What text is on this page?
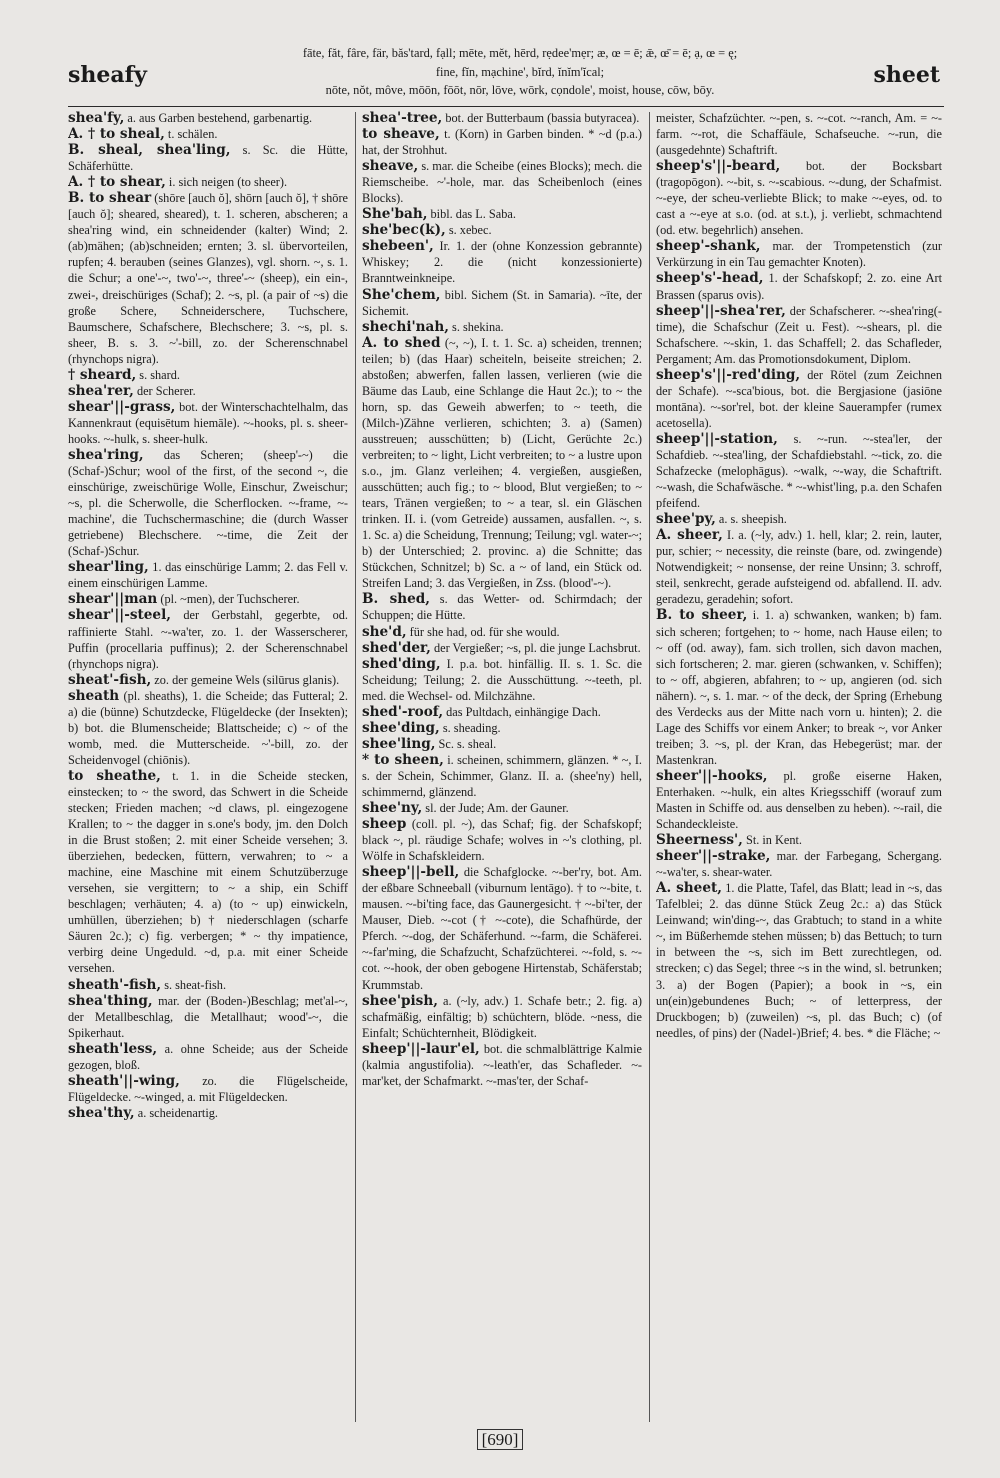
sheafy
fāte, făt, fâre, fär, băs'tard, fạll; mēte, mĕt, hērd, rẹdee'mẹr; æ, œ = ē; ǣ, œ̄ = ē; ạ, œ = ę;
fine, fĭn, mạchine', bĭrd, ĭnĭm'ĭcal;
nōte, nŏt, môve, mōōn, fōōt, nōr, lōve, wōrk, cọndole', moist, house, cōw, bōy.
sheet
shea'fy, a. aus Garben bestehend, garbenartig.
A. † to sheal, t. schälen.
B. sheal, shea'ling, s. Sc. die Hütte, Schäferhütte.
A. † to shear, i. sich neigen (to sheer).
B. to shear (shōre [auch ŏ], shōrn [auch ŏ], † shōre [auch ŏ]; sheared, sheared), t. 1. scheren, abscheren; a shea'ring wind, ein schneidender (kalter) Wind; 2. (ab)mähen; (ab)schneiden; ernten; 3. sl. übervorteilen, rupfen; 4. berauben (seines Glanzes), vgl. shorn. ~, s. 1. die Schur; a one'-~, two'-~, three'-~ (sheep), ein ein-, zwei-, dreischüriges (Schaf); 2. ~s, pl. (a pair of ~s) die große Schere, Schneiderschere, Tuchschere, Baumschere, Schafschere, Blechschere; 3. ~s, pl. s. sheer, B. s. 3. ~'-bill, zo. der Scherenschnabel (rhynchops nigra).
† sheard, s. shard.
shea'rer, der Scherer.
shear'||-grass, bot. der Winterschachtelhalm, das Kannenkraut (equisētum hiemāle). ~-hooks, pl. s. sheer-hooks. ~-hulk, s. sheer-hulk.
shea'ring, das Scheren; (sheep'-~) die (Schaf-)Schur; wool of the first, of the second ~, die einschürige, zweischürige Wolle, Einschur, Zweischur; ~s, pl. die Scherwolle, die Scherflocken. ~-frame, ~-machine', die Tuchschermaschine; die (durch Wasser getriebene) Blechschere. ~-time, die Zeit der (Schaf-)Schur.
shear'ling, 1. das einschürige Lamm; 2. das Fell v. einem einschürigen Lamme.
shear'||man (pl. ~men), der Tuchscherer.
shear'||-steel, der Gerbstahl, gegerbte, od. raffinierte Stahl. ~-wa'ter, zo. 1. der Wasserscherer, Puffin (procellaria puffinus); 2. der Scherenschnabel (rhynchops nigra).
sheat'-fish, zo. der gemeine Wels (silūrus glanis).
sheath (pl. sheaths), 1. die Scheide; das Futteral; 2. a) die (bünne) Schutzdecke, Flügeldecke (der Insekten); b) bot. die Blumenscheide; Blattscheide; c) ~ of the womb, med. die Mutterscheide. ~'-bill, zo. der Scheidenvogel (chiōnis).
to sheathe, t. 1. in die Scheide stecken, einstecken; to ~ the sword, das Schwert in die Scheide stecken; Frieden machen; ~d claws, pl. eingezogene Krallen; to ~ the dagger in s.one's body, jm. den Dolch in die Brust stoßen; 2. mit einer Scheide versehen; 3. überziehen, bedecken, füttern, verwahren; to ~ a machine, eine Maschine mit einem Schutzüberzuge versehen, sie vergittern; to ~ a ship, ein Schiff beschlagen; verhäuten; 4. a) (to ~ up) einwickeln, umhüllen, überziehen; b) † niederschlagen (scharfe Säuren 2c.); c) fig. verbergen; * ~ thy impatience, verbirg deine Ungeduld. ~d, p.a. mit einer Scheide versehen.
sheath'-fish, s. sheat-fish.
shea'thing, mar. der (Boden-)Beschlag; met'al-~, der Metallbeschlag, die Metallhaut; wood'-~, die Spikerhaut.
sheath'less, a. ohne Scheide; aus der Scheide gezogen, bloß.
sheath'||-wing, zo. die Flügelscheide, Flügeldecke. ~-winged, a. mit Flügeldecken.
shea'thy, a. scheidenartig.
shea'-tree, bot. der Butterbaum (bassia butyracea).
to sheave, t. (Korn) in Garben binden. * ~d (p.a.) hat, der Strohhut.
sheave, s. mar. die Scheibe (eines Blocks); mech. die Riemscheibe. ~'-hole, mar. das Scheibenloch (eines Blocks).
She'bah, bibl. das L. Saba.
she'bec(k), s. xebec.
shebeen', Ir. 1. der (ohne Konzession gebrannte) Whiskey; 2. die (nicht konzessionierte) Branntweinkneipe.
She'chem, bibl. Sichem (St. in Samaria). ~īte, der Sichemit.
shechi'nah, s. shekina.
A. to shed (~, ~), I. t. 1. Sc. a) scheiden, trennen; teilen; b) (das Haar) scheiteln, beiseite streichen; 2. abstoßen; abwerfen, fallen lassen, verlieren (wie die Bäume das Laub, eine Schlange die Haut 2c.); to ~ the horn, sp. das Geweih abwerfen; to ~ teeth, die (Milch-)Zähne verlieren, schichten; 3. a) (Samen) ausstreuen; ausschütten; b) (Licht, Gerüchte 2c.) verbreiten; to ~ light, Licht verbreiten; to ~ a lustre upon s.o., jm. Glanz verleihen; 4. vergießen, ausgießen, ausschütten; auch fig.; to ~ blood, Blut vergießen; to ~ tears, Tränen vergießen; to ~ a tear, sl. ein Gläschen trinken. II. i. (vom Getreide) aussamen, ausfallen. ~, s. 1. Sc. a) die Scheidung, Trennung; Teilung; vgl. water-~; b) der Unterschied; 2. provinc. a) die Schnitte; das Stückchen, Schnitzel; b) Sc. a ~ of land, ein Stück od. Streifen Land; 3. das Vergießen, in Zss. (blood'-~).
B. shed, s. das Wetter- od. Schirmdach; der Schuppen; die Hütte.
she'd, für she had, od. für she would.
shed'der, der Vergießer; ~s, pl. die junge Lachsbrut.
shed'ding, I. p.a. bot. hinfällig. II. s. 1. Sc. die Scheidung; Teilung; 2. die Ausschüttung. ~-teeth, pl. med. die Wechsel- od. Milchzähne.
shed'-roof, das Pultdach, einhängige Dach.
shee'ding, s. sheading.
shee'ling, Sc. s. sheal.
* to sheen, i. scheinen, schimmern, glänzen. * ~, I. s. der Schein, Schimmer, Glanz. II. a. (shee'ny) hell, schimmernd, glänzend.
shee'ny, sl. der Jude; Am. der Gauner.
sheep (coll. pl. ~), das Schaf; fig. der Schafskopf; black ~, pl. räudige Schafe; wolves in ~'s clothing, pl. Wölfe in Schafskleidern.
sheep'||-bell, die Schafglocke. ~-ber'ry, bot. Am. der eßbare Schneeball (viburnum lentāgo). † to ~-bite, t. mausen. ~-bi'ting face, das Gaunergesicht. † ~-bi'ter, der Mauser, Dieb. ~-cot († ~-cote), die Schafhürde, der Pferch. ~-dog, der Schäferhund. ~-farm, die Schäferei. ~-far'ming, die Schafzucht, Schafzüchterei. ~-fold, s. ~-cot. ~-hook, der oben gebogene Hirtenstab, Schäferstab; Krummstab.
shee'pish, a. (~ly, adv.) 1. Schafe betr.; 2. fig. a) schafmäßig, einfältig; b) schüchtern, blöde. ~ness, die Einfalt; Schüchternheit, Blödigkeit.
sheep'||-laur'el, bot. die schmalblättrige Kalmie (kalmia angustifolia). ~-leath'er, das Schafleder. ~-mar'ket, der Schafmarkt. ~-mas'ter, der Schaf-
meister, Schafzüchter. ~-pen, s. ~-cot. ~-ranch, Am. = ~-farm. ~-rot, die Schaffäule, Schafseuche. ~-run, die (ausgedehnte) Schaftrift.
sheep's'||-beard, bot. der Bocksbart (tragopōgon). ~-bit, s. ~-scabious. ~-dung, der Schafmist. ~-eye, der scheu-verliebte Blick; to make ~-eyes, od. to cast a ~-eye at s.o. (od. at s.t.), j. verliebt, schmachtend (od. etw. begehrlich) ansehen.
sheep'-shank, mar. der Trompetenstich (zur Verkürzung in ein Tau gemachter Knoten).
sheep's'-head, 1. der Schafskopf; 2. zo. eine Art Brassen (sparus ovis).
sheep'||-shea'rer, der Schafscherer. ~-shea'ring(-time), die Schafschur (Zeit u. Fest). ~-shears, pl. die Schafschere. ~-skin, 1. das Schaffell; 2. das Schafleder, Pergament; Am. das Promotionsdokument, Diplom.
sheep's'||-red'ding, der Rötel (zum Zeichnen der Schafe). ~-sca'bious, bot. die Bergjasione (jasiōne montāna). ~-sor'rel, bot. der kleine Sauerampfer (rumex acetosella).
sheep'||-station, s. ~-run. ~-stea'ler, der Schafdieb. ~-stea'ling, der Schafdiebstahl. ~-tick, zo. die Schafzecke (melophāgus). ~walk, ~-way, die Schaftrift. ~-wash, die Schafwäsche. * ~-whist'ling, p.a. den Schafen pfeifend.
shee'py, a. s. sheepish.
A. sheer, I. a. (~ly, adv.) 1. hell, klar; 2. rein, lauter, pur, schier; ~ necessity, die reinste (bare, od. zwingende) Notwendigkeit; ~ nonsense, der reine Unsinn; 3. schroff, steil, senkrecht, gerade aufsteigend od. abfallend. II. adv. geradezu, geradehin; sofort.
B. to sheer, i. 1. a) schwanken, wanken; b) fam. sich scheren; fortgehen; to ~ home, nach Hause eilen; to ~ off (od. away), fam. sich trollen, sich davon machen, sich fortscheren; 2. mar. gieren (schwanken, v. Schiffen); to ~ off, abgieren, abfahren; to ~ up, angieren (od. sich nähern). ~, s. 1. mar. ~ of the deck, der Spring (Erhebung des Verdecks aus der Mitte nach vorn u. hinten); 2. die Lage des Schiffs vor einem Anker; to break ~, vor Anker treiben; 3. ~s, pl. der Kran, das Hebegerüst; mar. der Mastenkran.
sheer'||-hooks, pl. große eiserne Haken, Enterhaken. ~-hulk, ein altes Kriegsschiff (worauf zum Masten in Schiffe od. aus denselben zu heben). ~-rail, die Schandeckleiste.
Sheerness', St. in Kent.
sheer'||-strake, mar. der Farbegang, Schergang. ~-wa'ter, s. shear-water.
A. sheet, 1. die Platte, Tafel, das Blatt; lead in ~s, das Tafelblei; 2. das dünne Stück Zeug 2c.: a) das Stück Leinwand; win'ding-~, das Grabtuch; to stand in a white ~, im Büßerhemde stehen müssen; b) das Bettuch; to turn in between the ~s, sich im Bett zurechtlegen, od. strecken; c) das Segel; three ~s in the wind, sl. betrunken; 3. a) der Bogen (Papier); a book in ~s, ein un(ein)gebundenes Buch; ~ of letterpress, der Druckbogen; b) (zuweilen) ~s, pl. das Buch; c) (of needles, of pins) der (Nadel-)Brief; 4. bes. * die Fläche; ~
[690]
